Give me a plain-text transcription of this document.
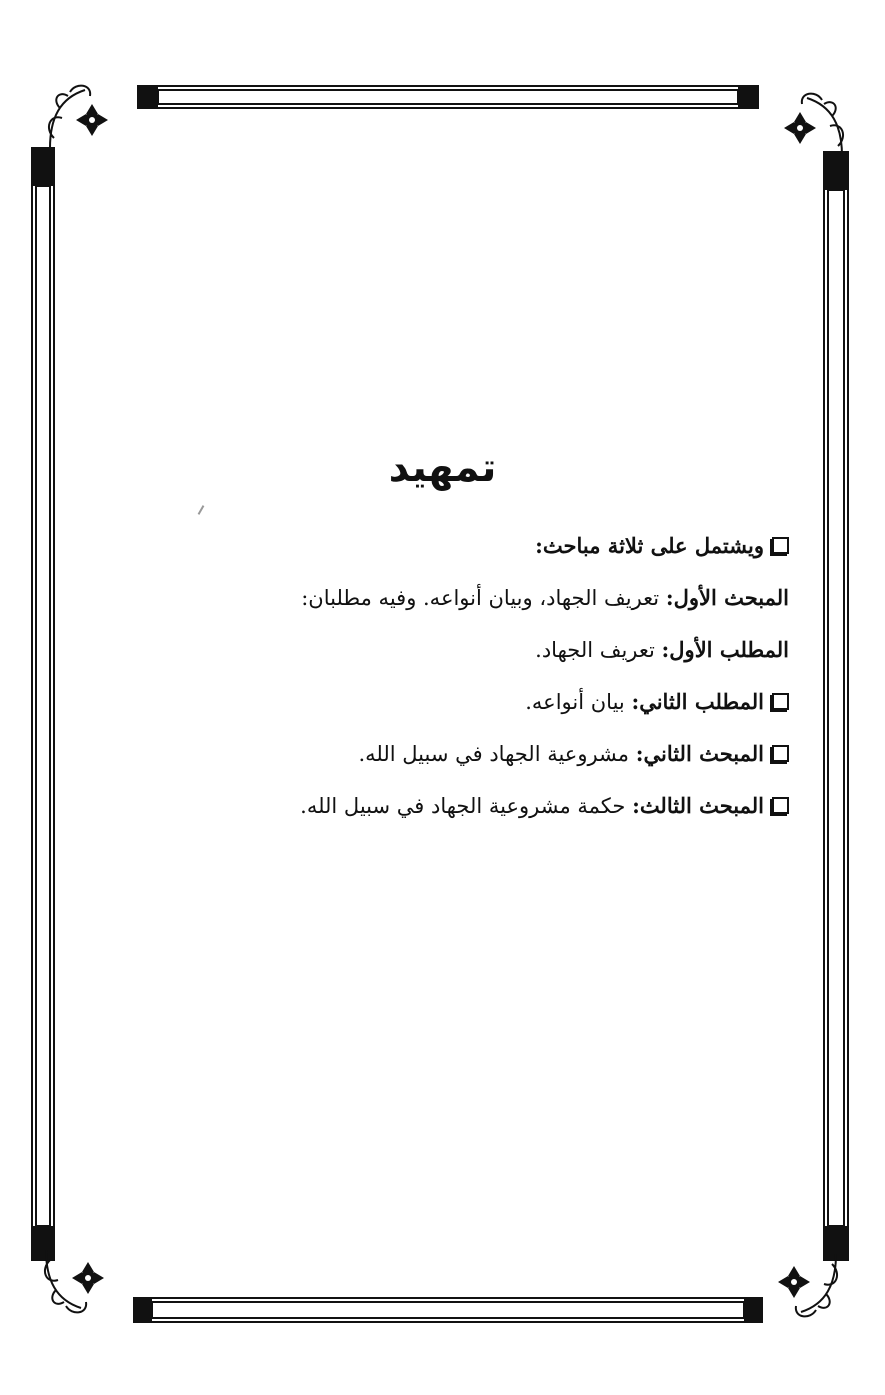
تمهيد
ويشتمل على ثلاثة مباحث:
المبحث الأول: تعريف الجهاد، وبيان أنواعه. وفيه مطلبان:
المطلب الأول: تعريف الجهاد.
المطلب الثاني: بيان أنواعه.
المبحث الثاني: مشروعية الجهاد في سبيل الله.
المبحث الثالث: حكمة مشروعية الجهاد في سبيل الله.
